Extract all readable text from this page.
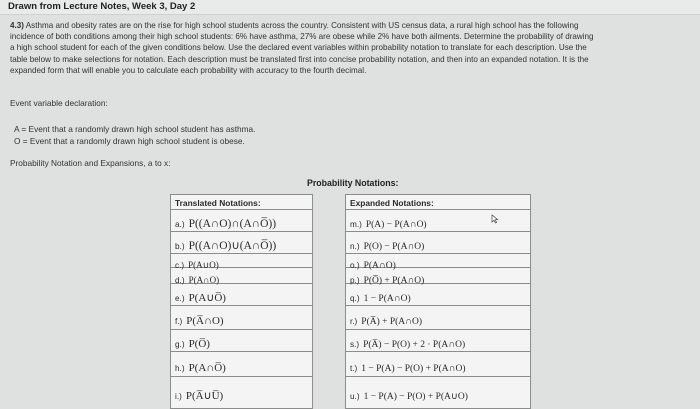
Drawn from Lecture Notes, Week 3, Day 2
4.3) Asthma and obesity rates are on the rise for high school students across the country. Consistent with US census data, a rural high school has the following
incidence of both conditions among their high school students: 6% have asthma, 27% are obese while 2% have both ailments. Determine the probability of drawing
a high school student for each of the given conditions below. Use the declared event variables within probability notation to translate for each description. Use the
table below to make selections for notation. Each description must be translated first into concise probability notation, and then into an expanded notation. It is the
expanded form that will enable you to calculate each probability with accuracy to the fourth decimal.
Event variable declaration:
A = Event that a randomly drawn high school student has asthma.
O = Event that a randomly drawn high school student is obese.
Probability Notation and Expansions, a to x:
Probability Notations:
Translated Notations:
a.) P((A∩O)∩(A∩O̅))
b.) P((A∩O)∪(A∩O̅))
c.) P(A∪O)
d.) P(A∩O)
e.) P(A∪O̅)
f.) P(A̅∩O)
g.) P(O̅)
h.) P(A∩O̅)
i.) P(A̅∪U̅)
Expanded Notations:
m.) P(A) − P(A∩O)
n.) P(O) − P(A∩O)
o.) P(A∩O)
p.) P(O̅) + P(A∩O)
q.) 1 − P(A∩O)
r.) P(A̅) + P(A∩O)
s.) P(A̅) − P(O) + 2 · P(A∩O)
t.) 1 − P(A) − P(O) + P(A∩O)
u.) 1 − P(A) − P(O) + P(A∪O)
